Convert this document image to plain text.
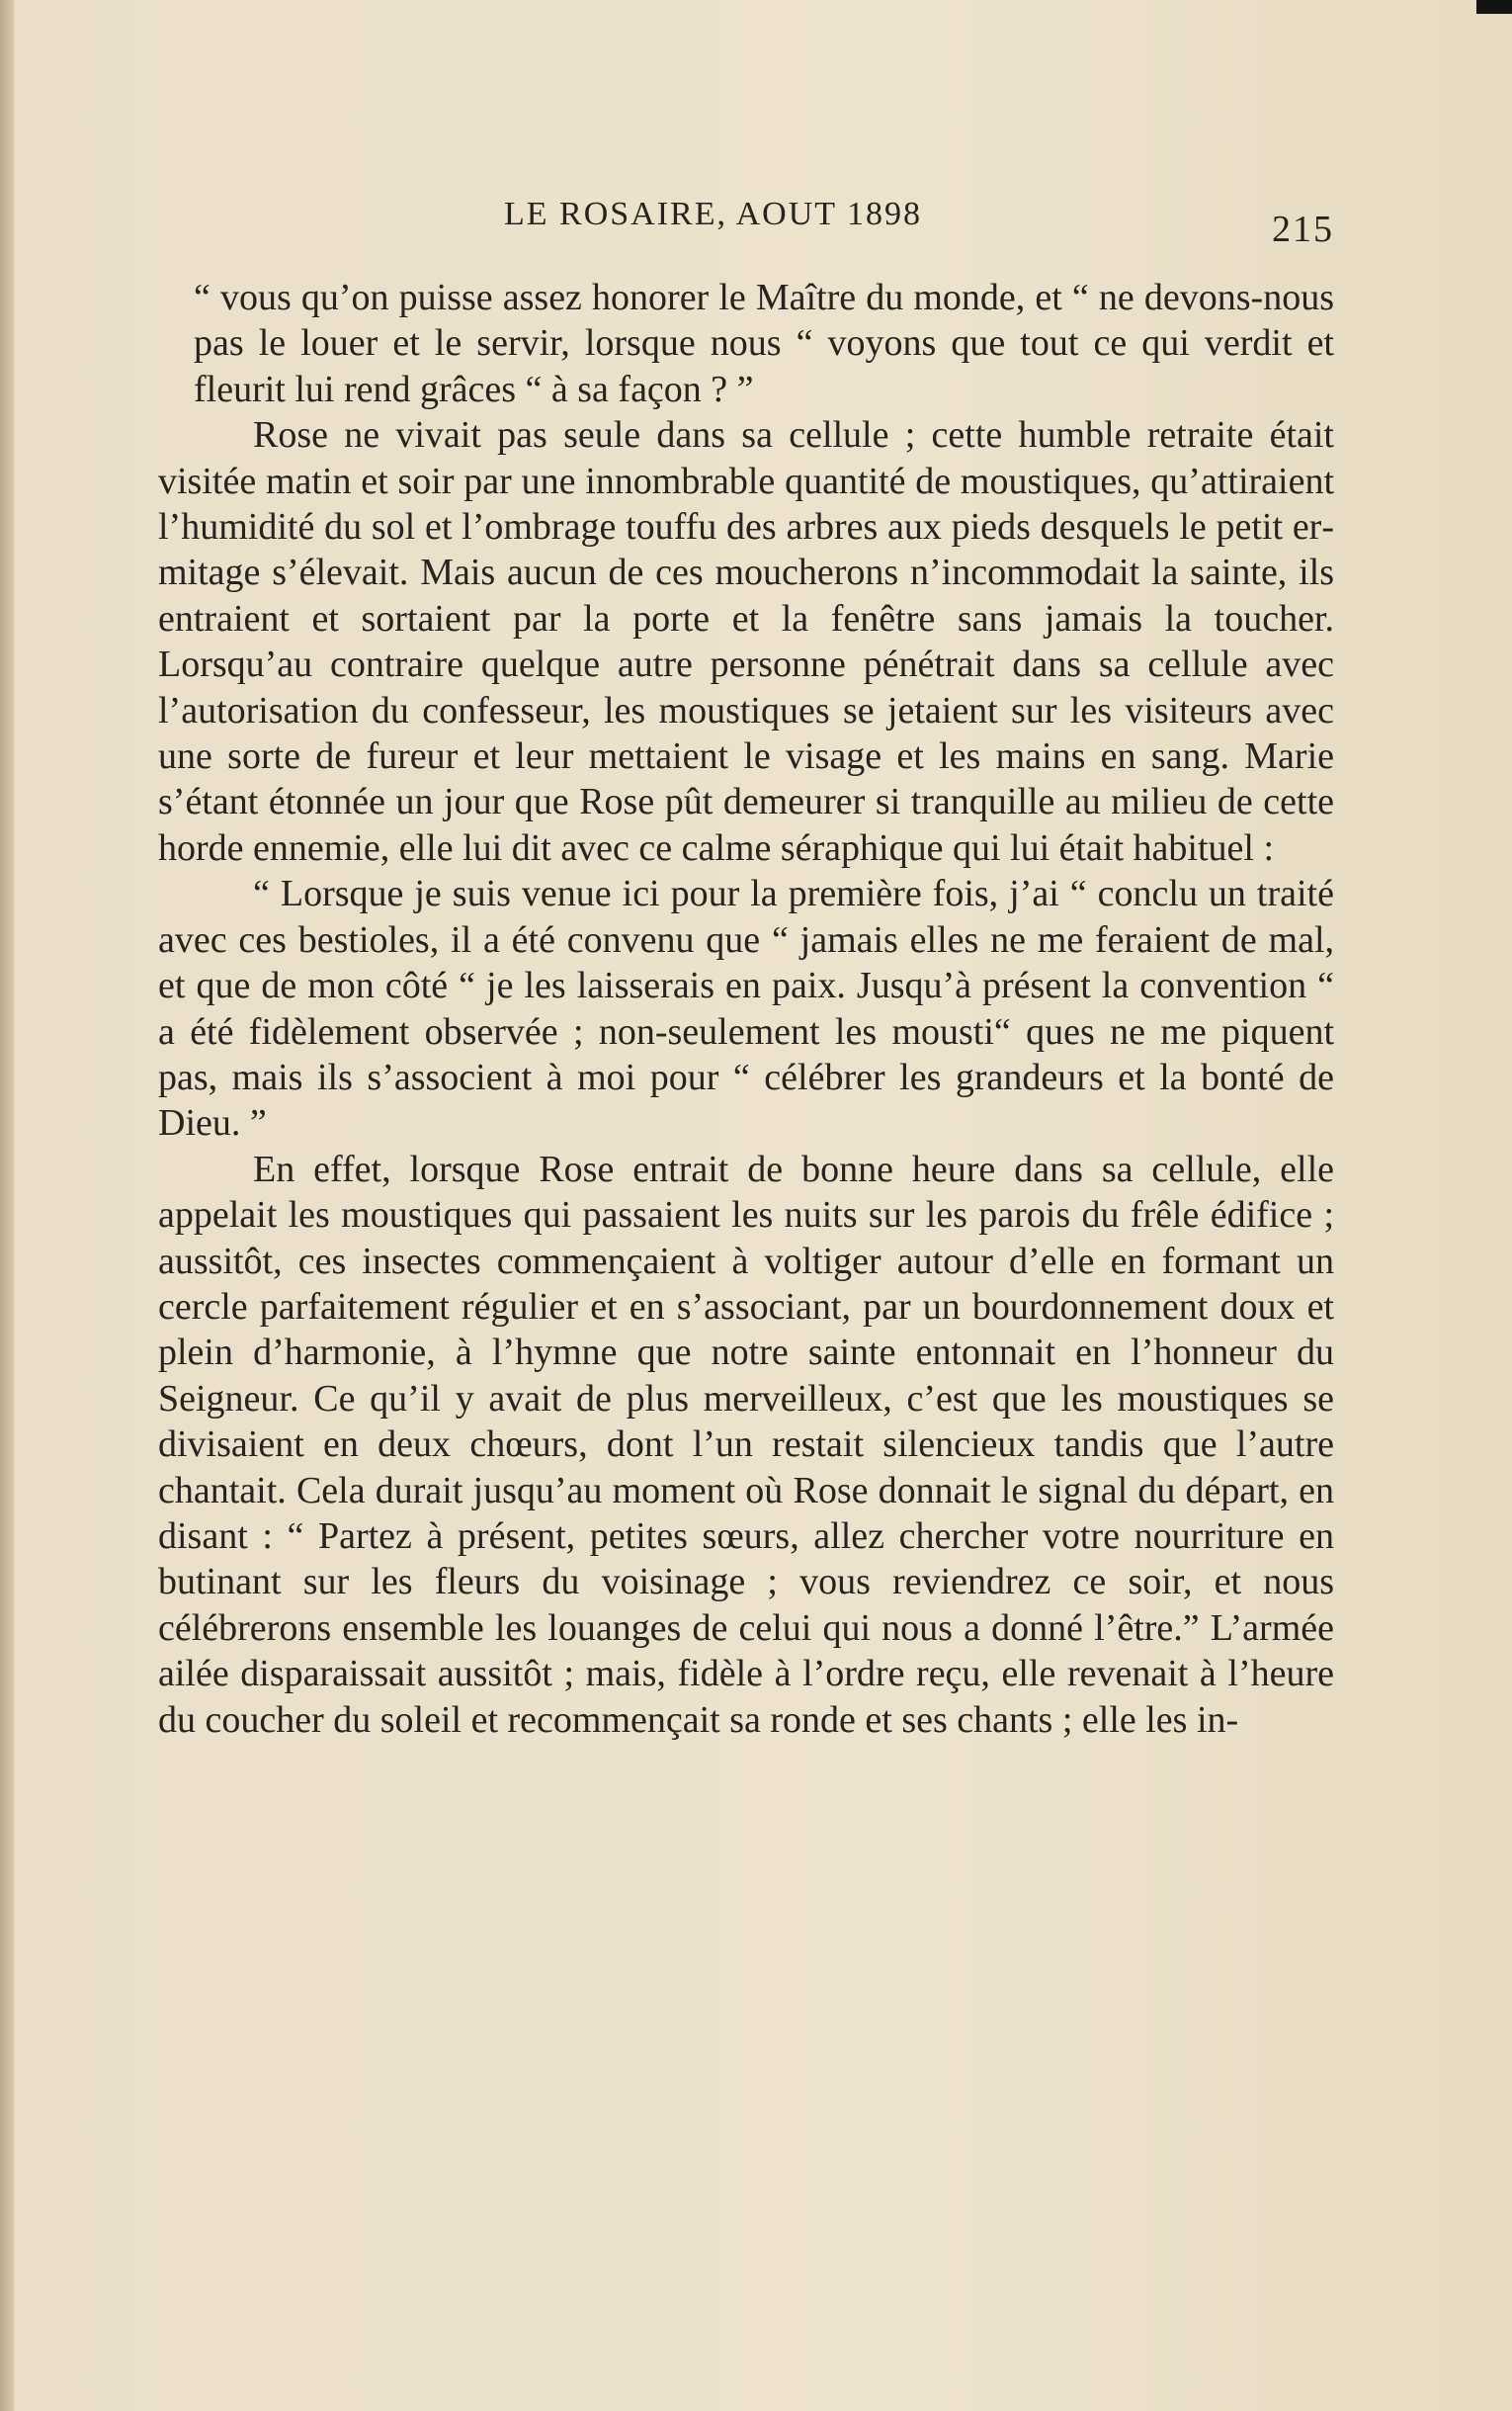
LE ROSAIRE, AOUT 1898	215

“ vous qu’on puisse assez honorer le Maître du monde, et “ ne devons-nous pas le louer et le servir, lorsque nous “ voyons que tout ce qui verdit et fleurit lui rend grâces “ à sa façon ? ”

Rose ne vivait pas seule dans sa cellule ; cette humble retraite était visitée matin et soir par une innombrable quantité de moustiques, qu’attiraient l’humidité du sol et l’ombrage touffu des arbres aux pieds desquels le petit ermitage s’élevait. Mais aucun de ces moucherons n’incommodait la sainte, ils entraient et sortaient par la porte et la fenêtre sans jamais la toucher. Lorsqu’au contraire quelque autre personne pénétrait dans sa cellule avec l’autorisation du confesseur, les moustiques se jetaient sur les visiteurs avec une sorte de fureur et leur mettaient le visage et les mains en sang. Marie s’étant étonnée un jour que Rose pût demeurer si tranquille au milieu de cette horde ennemie, elle lui dit avec ce calme séraphique qui lui était habituel :

“ Lorsque je suis venue ici pour la première fois, j’ai “ conclu un traité avec ces bestioles, il a été convenu que “ jamais elles ne me feraient de mal, et que de mon côté “ je les laisserais en paix. Jusqu’à présent la convention “ a été fidèlement observée ; non-seulement les mousti“ ques ne me piquent pas, mais ils s’associent à moi pour “ célébrer les grandeurs et la bonté de Dieu. ”

En effet, lorsque Rose entrait de bonne heure dans sa cellule, elle appelait les moustiques qui passaient les nuits sur les parois du frêle édifice ; aussitôt, ces insectes commençaient à voltiger autour d’elle en formant un cercle parfaitement régulier et en s’associant, par un bourdonnement doux et plein d’harmonie, à l’hymne que notre sainte entonnait en l’honneur du Seigneur. Ce qu’il y avait de plus merveilleux, c’est que les moustiques se divisaient en deux chœurs, dont l’un restait silencieux tandis que l’autre chantait. Cela durait jusqu’au moment où Rose donnait le signal du départ, en disant : “ Partez à présent, petites sœurs, allez chercher votre nourriture en butinant sur les fleurs du voisinage ; vous reviendrez ce soir, et nous célébrerons ensemble les louanges de celui qui nous a donné l’être.” L’armée ailée disparaissait aussitôt ; mais, fidèle à l’ordre reçu, elle revenait à l’heure du coucher du soleil et recommençait sa ronde et ses chants ; elle les in-
